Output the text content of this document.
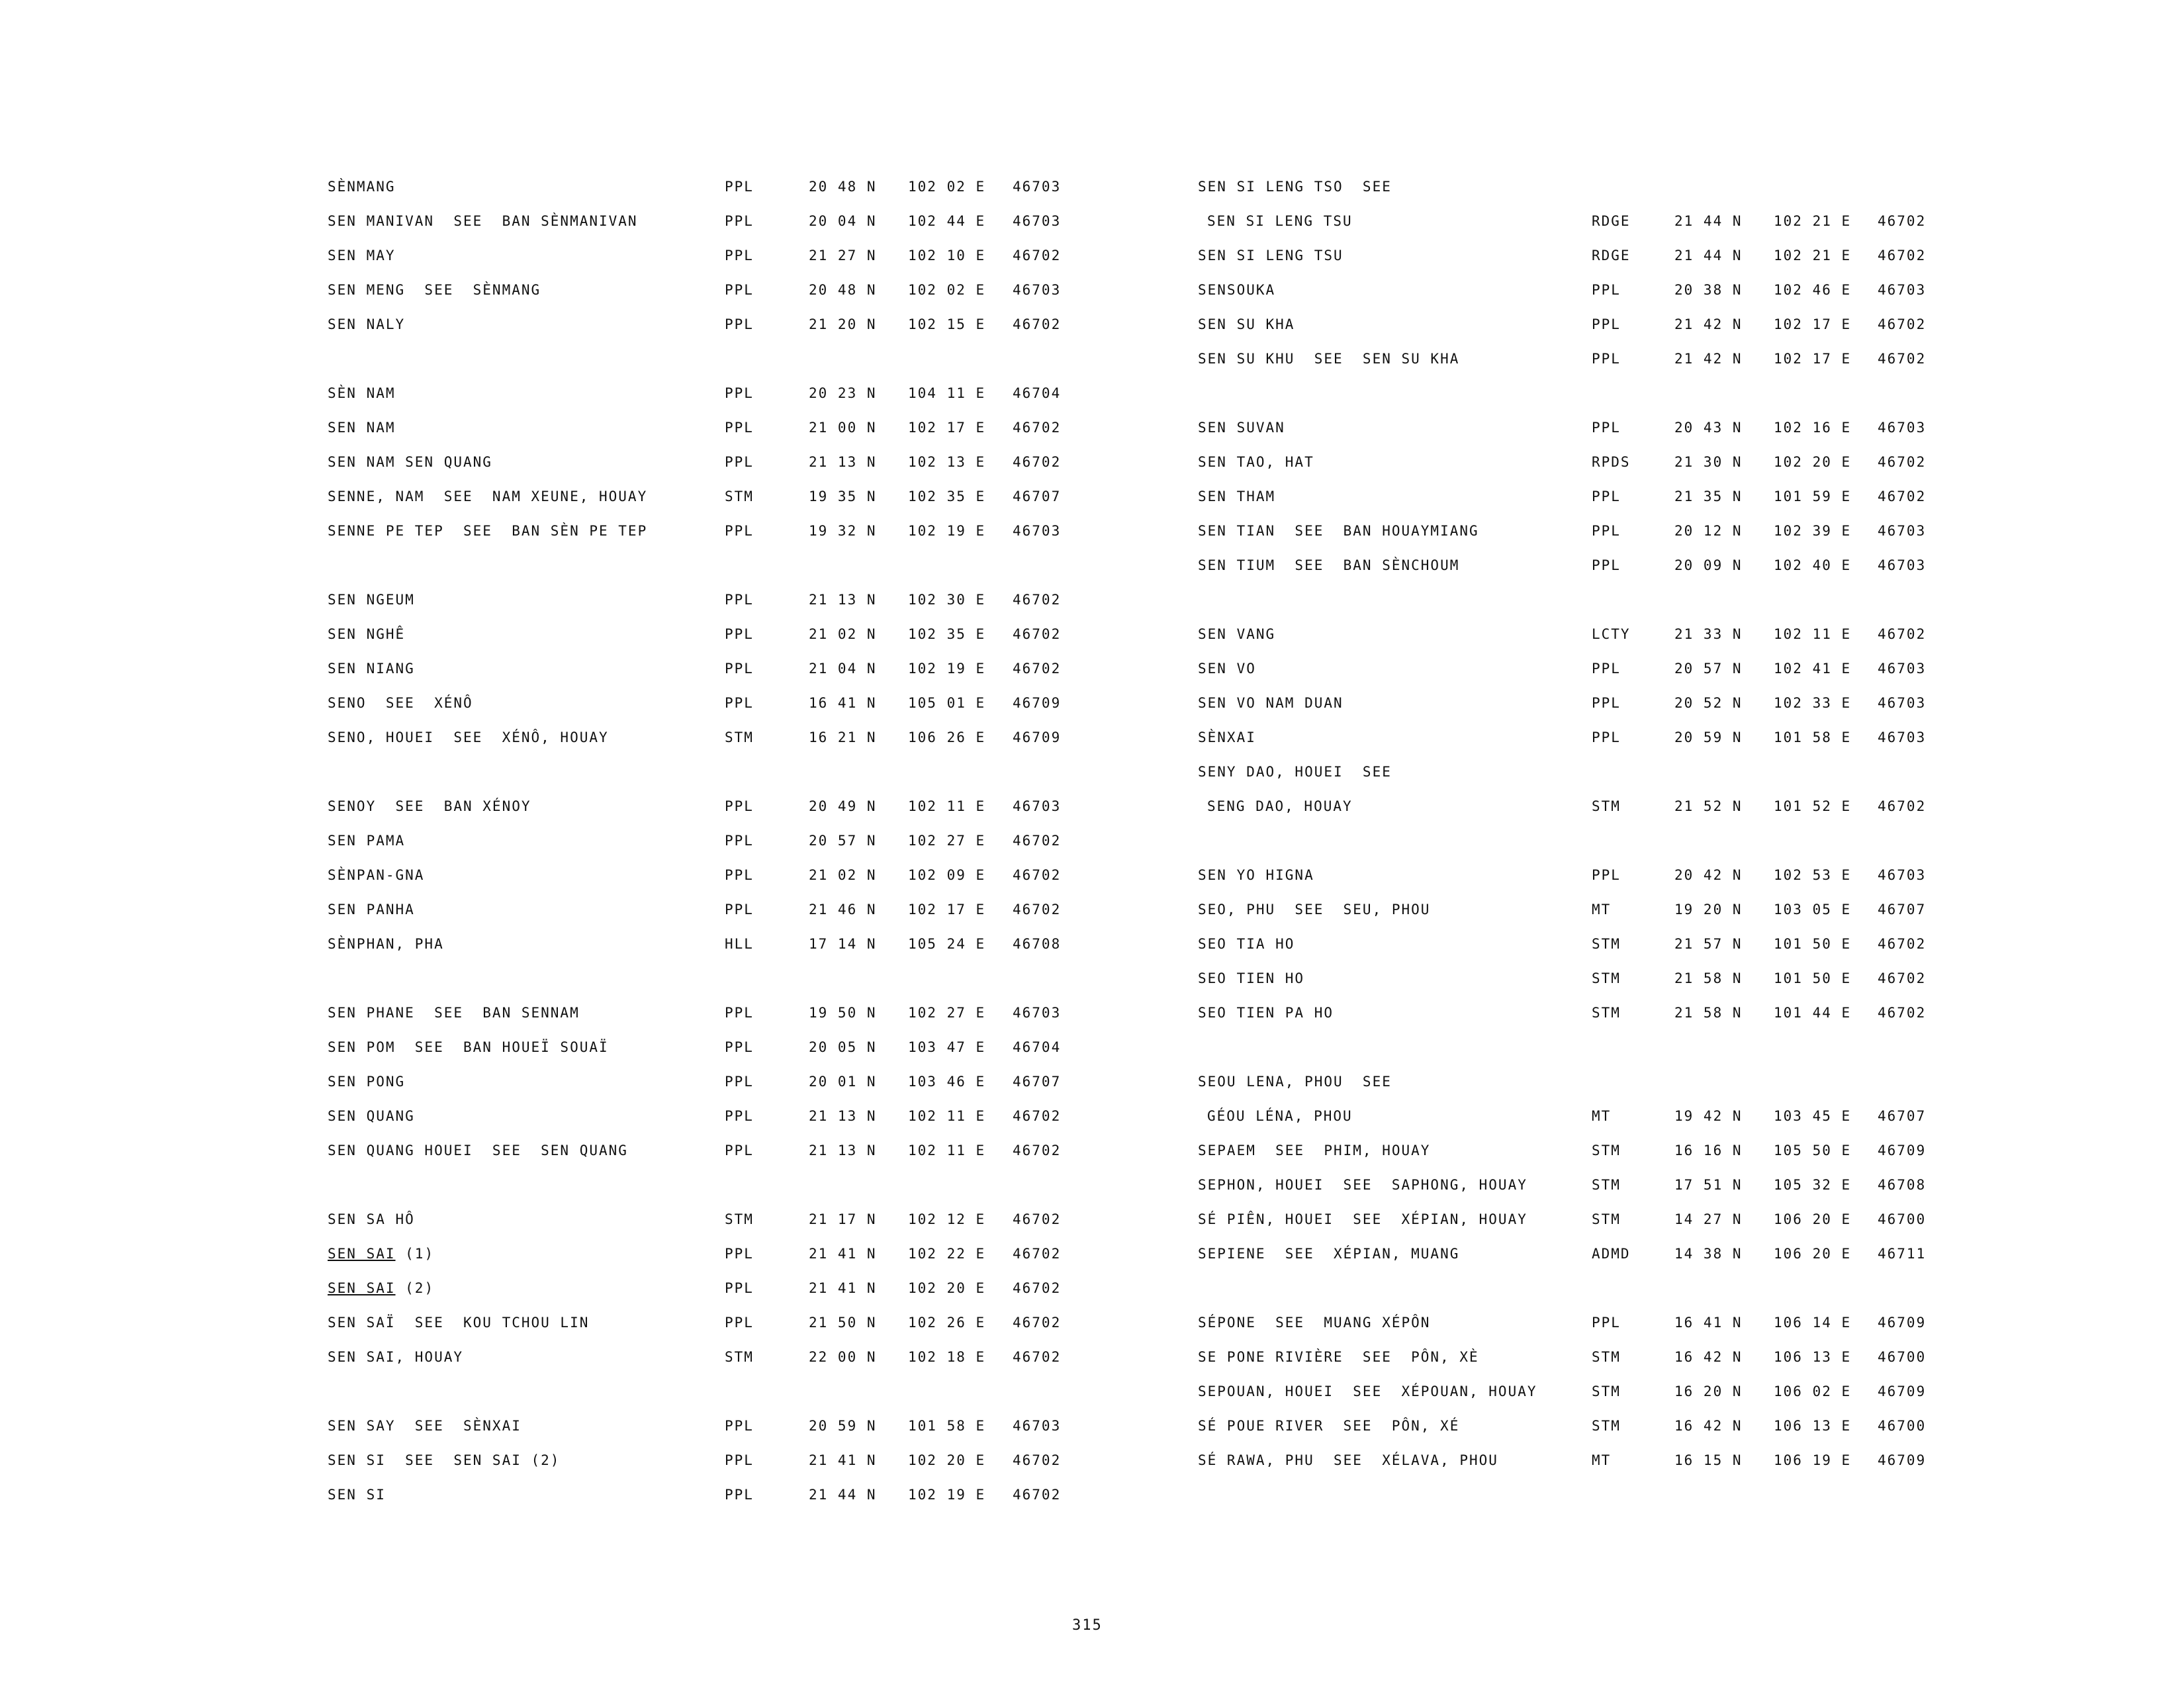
SÈNMANG	PPL	20 48 N 102 02 E 46703
SEN MANIVAN  SEE  BAN SÈNMANIVAN	PPL	20 04 N 102 44 E 46703
SEN MAY	PPL	21 27 N 102 10 E 46702
SEN MENG  SEE  SÈNMANG	PPL	20 48 N 102 02 E 46703
SEN NALY	PPL	21 20 N 102 15 E 46702
SÈN NAM	PPL	20 23 N 104 11 E 46704
SEN NAM	PPL	21 00 N 102 17 E 46702
SEN NAM SEN QUANG	PPL	21 13 N 102 13 E 46702
SENNE, NAM  SEE  NAM XEUNE, HOUAY	STM	19 35 N 102 35 E 46707
SENNE PE TEP  SEE  BAN SÈN PE TEP	PPL	19 32 N 102 19 E 46703
SEN NGEUM	PPL	21 13 N 102 30 E 46702
SEN NGHÊ	PPL	21 02 N 102 35 E 46702
SEN NIANG	PPL	21 04 N 102 19 E 46702
SENO  SEE  XÉNÔ	PPL	16 41 N 105 01 E 46709
SENO, HOUEI  SEE  XÉNÔ, HOUAY	STM	16 21 N 106 26 E 46709
SENOY  SEE  BAN XÉNOY	PPL	20 49 N 102 11 E 46703
SEN PAMA	PPL	20 57 N 102 27 E 46702
SÈNPAN-GNA	PPL	21 02 N 102 09 E 46702
SEN PANHA	PPL	21 46 N 102 17 E 46702
SÈNPHAN, PHA	HLL	17 14 N 105 24 E 46708
SEN PHANE  SEE  BAN SENNAM	PPL	19 50 N 102 27 E 46703
SEN POM  SEE  BAN HOUEÏ SOUAÏ	PPL	20 05 N 103 47 E 46704
SEN PONG	PPL	20 01 N 103 46 E 46707
SEN QUANG	PPL	21 13 N 102 11 E 46702
SEN QUANG HOUEI  SEE  SEN QUANG	PPL	21 13 N 102 11 E 46702
SEN SA HÔ	STM	21 17 N 102 12 E 46702
SEN SAI (1)	PPL	21 41 N 102 22 E 46702
SEN SAI (2)	PPL	21 41 N 102 20 E 46702
SEN SAÏ  SEE  KOU TCHOU LIN	PPL	21 50 N 102 26 E 46702
SEN SAI, HOUAY	STM	22 00 N 102 18 E 46702
SEN SAY  SEE  SÈNXAI	PPL	20 59 N 101 58 E 46703
SEN SI  SEE  SEN SAI (2)	PPL	21 41 N 102 20 E 46702
SEN SI	PPL	21 44 N 102 19 E 46702
SEN SI LENG TSO  SEE
SEN SI LENG TSU	RDGE	21 44 N 102 21 E 46702
SEN SI LENG TSU	RDGE	21 44 N 102 21 E 46702
SENSOUKA	PPL	20 38 N 102 46 E 46703
SEN SU KHA	PPL	21 42 N 102 17 E 46702
SEN SU KHU  SEE  SEN SU KHA	PPL	21 42 N 102 17 E 46702
SEN SUVAN	PPL	20 43 N 102 16 E 46703
SEN TAO, HAT	RPDS	21 30 N 102 20 E 46702
SEN THAM	PPL	21 35 N 101 59 E 46702
SEN TIAN  SEE  BAN HOUAYMIANG	PPL	20 12 N 102 39 E 46703
SEN TIUM  SEE  BAN SÈNCHOUM	PPL	20 09 N 102 40 E 46703
SEN VANG	LCTY	21 33 N 102 11 E 46702
SEN VO	PPL	20 57 N 102 41 E 46703
SEN VO NAM DUAN	PPL	20 52 N 102 33 E 46703
SÈNXAI	PPL	20 59 N 101 58 E 46703
SENY DAO, HOUEI  SEE
SENG DAO, HOUAY	STM	21 52 N 101 52 E 46702
SEN YO HIGNA	PPL	20 42 N 102 53 E 46703
SEO, PHU  SEE  SEU, PHOU	MT	19 20 N 103 05 E 46707
SEO TIA HO	STM	21 57 N 101 50 E 46702
SEO TIEN HO	STM	21 58 N 101 50 E 46702
SEO TIEN PA HO	STM	21 58 N 101 44 E 46702
SEOU LENA, PHOU  SEE
GÉOU LÉNA, PHOU	MT	19 42 N 103 45 E 46707
SEPAEM  SEE  PHIM, HOUAY	STM	16 16 N 105 50 E 46709
SEPHON, HOUEI  SEE  SAPHONG, HOUAY	STM	17 51 N 105 32 E 46708
SÉ PIÊN, HOUEI  SEE  XÉPIAN, HOUAY	STM	14 27 N 106 20 E 46700
SEPIENE  SEE  XÉPIAN, MUANG	ADMD	14 38 N 106 20 E 46711
SÉPONE  SEE  MUANG XÉPÔN	PPL	16 41 N 106 14 E 46709
SE PONE RIVIÈRE  SEE  PÔN, XÈ	STM	16 42 N 106 13 E 46700
SEPOUAN, HOUEI  SEE  XÉPOUAN, HOUAY	STM	16 20 N 106 02 E 46709
SÉ POUE RIVER  SEE  PÔN, XÉ	STM	16 42 N 106 13 E 46700
SÉ RAWA, PHU  SEE  XÉLAVA, PHOU	MT	16 15 N 106 19 E 46709
315
